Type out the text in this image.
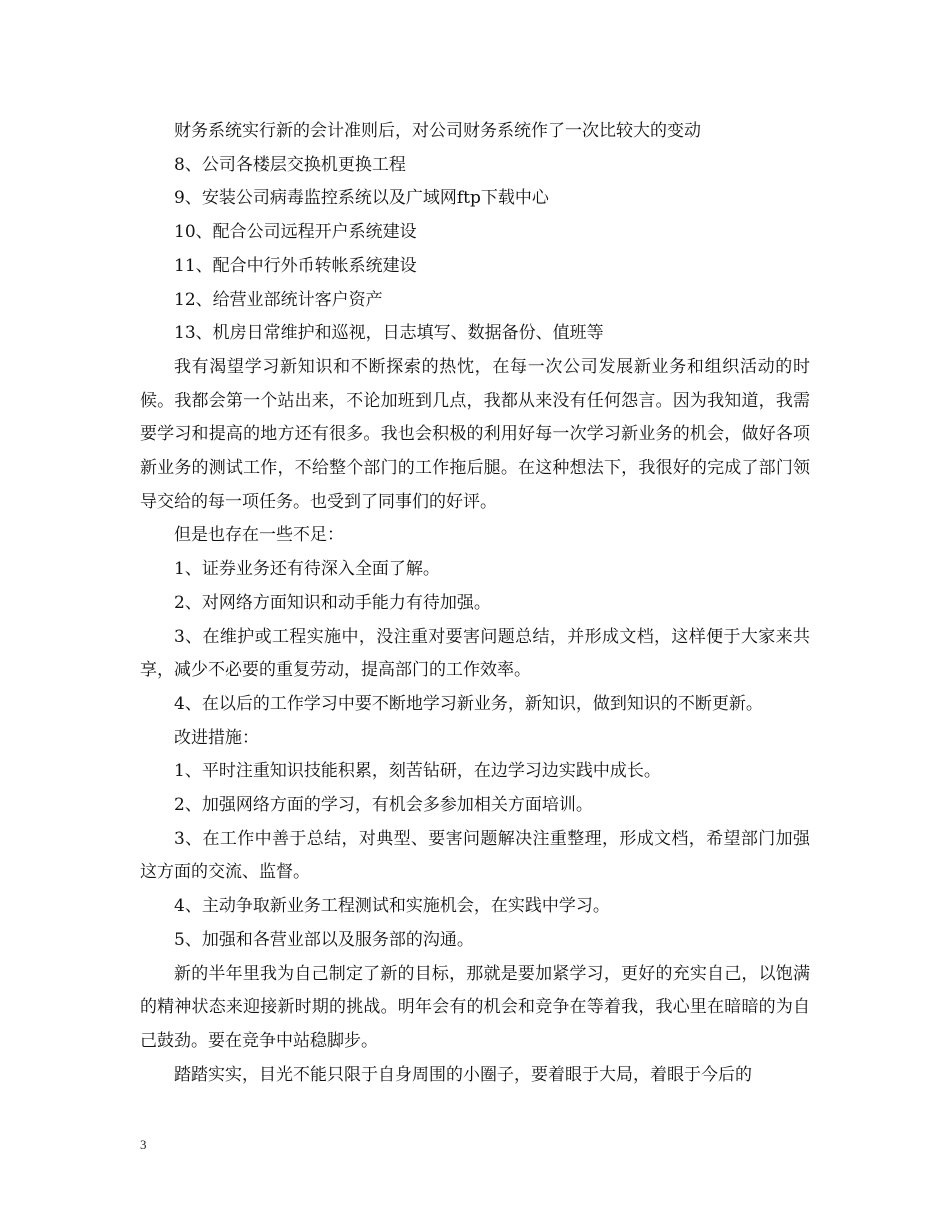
财务系统实行新的会计准则后，对公司财务系统作了一次比较大的变动

8、公司各楼层交换机更换工程

9、安装公司病毒监控系统以及广域网ftp下载中心

10、配合公司远程开户系统建设

11、配合中行外币转帐系统建设

12、给营业部统计客户资产

13、机房日常维护和巡视，日志填写、数据备份、值班等

我有渴望学习新知识和不断探索的热忱，在每一次公司发展新业务和组织活动的时候。我都会第一个站出来，不论加班到几点，我都从来没有任何怨言。因为我知道，我需要学习和提高的地方还有很多。我也会积极的利用好每一次学习新业务的机会，做好各项新业务的测试工作，不给整个部门的工作拖后腿。在这种想法下，我很好的完成了部门领导交给的每一项任务。也受到了同事们的好评。

但是也存在一些不足：

1、证券业务还有待深入全面了解。

2、对网络方面知识和动手能力有待加强。

3、在维护或工程实施中，没注重对要害问题总结，并形成文档，这样便于大家来共享，减少不必要的重复劳动，提高部门的工作效率。

4、在以后的工作学习中要不断地学习新业务，新知识，做到知识的不断更新。

改进措施：

1、平时注重知识技能积累，刻苦钻研，在边学习边实践中成长。

2、加强网络方面的学习，有机会多参加相关方面培训。

3、在工作中善于总结，对典型、要害问题解决注重整理，形成文档，希望部门加强这方面的交流、监督。

4、主动争取新业务工程测试和实施机会，在实践中学习。

5、加强和各营业部以及服务部的沟通。

新的半年里我为自己制定了新的目标，那就是要加紧学习，更好的充实自己，以饱满的精神状态来迎接新时期的挑战。明年会有的机会和竞争在等着我，我心里在暗暗的为自己鼓劲。要在竞争中站稳脚步。

踏踏实实，目光不能只限于自身周围的小圈子，要着眼于大局，着眼于今后的

3
